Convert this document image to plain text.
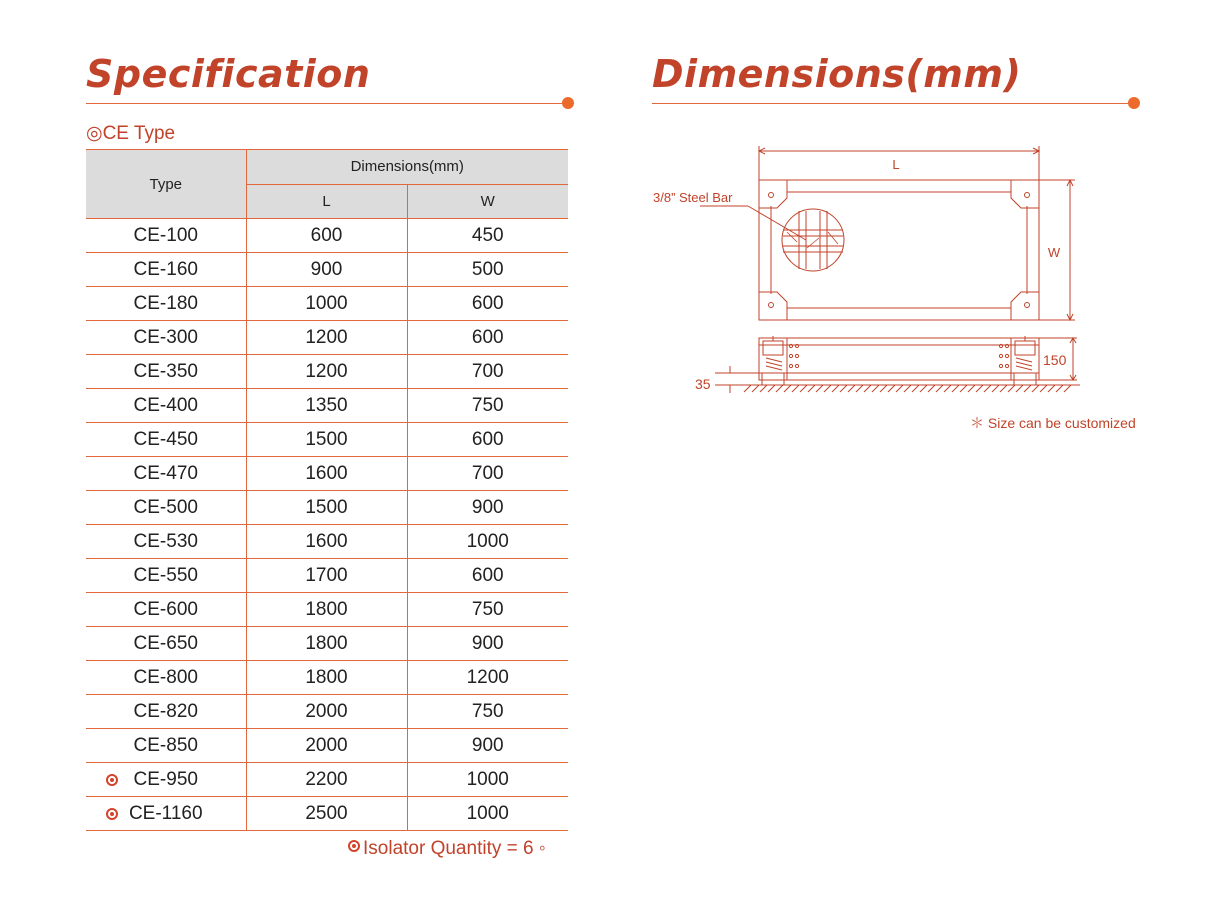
Specification	Dimensions(mm)
◎CE Type
Type	Dimensions(mm)	
	L	W

CE-100	600	450

CE-160	900	500

CE-180	1000	600

CE-300	1200	600

CE-350	1200	700

CE-400	1350	750

CE-450	1500	600

CE-470	1600	700

CE-500	1500	900

CE-530	1600	1000

CE-550	1700	600

CE-600	1800	750

CE-650	1800	900

CE-800	1800	1200

CE-820	2000	750

CE-850	2000	900

CE-950	2200	1000

CE-1160	2500	1000
Isolator Quantity = 6 ◦
L
3/8” Steel Bar
W
150
35
＊ Size can be customized
